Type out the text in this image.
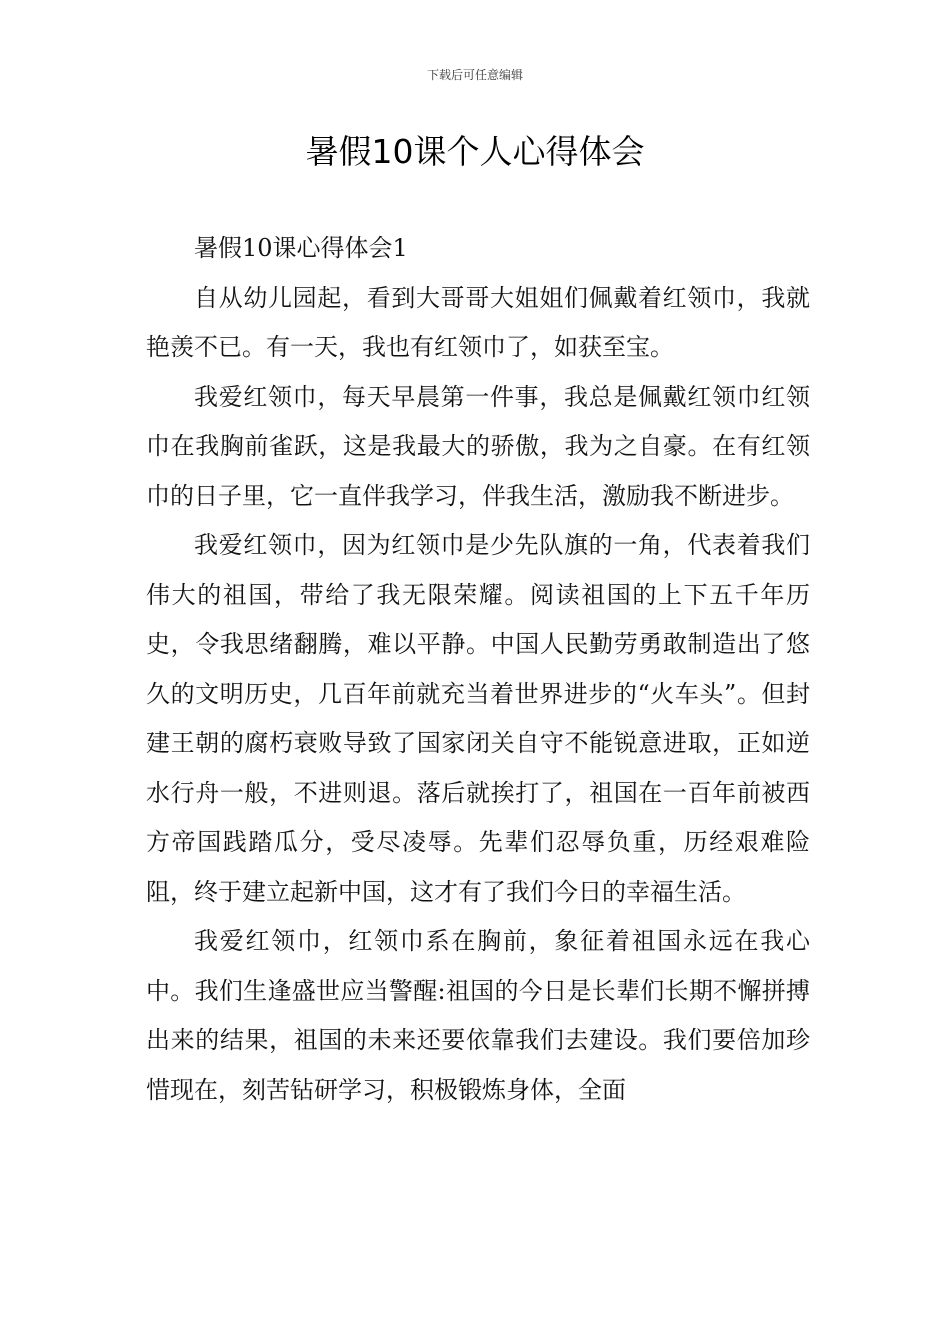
下载后可任意编辑
暑假10课个人心得体会

暑假10课心得体会1

自从幼儿园起，看到大哥哥大姐姐们佩戴着红领巾，我就艳羡不已。有一天，我也有红领巾了，如获至宝。

我爱红领巾，每天早晨第一件事，我总是佩戴红领巾红领巾在我胸前雀跃，这是我最大的骄傲，我为之自豪。在有红领巾的日子里，它一直伴我学习，伴我生活，激励我不断进步。

我爱红领巾，因为红领巾是少先队旗的一角，代表着我们伟大的祖国，带给了我无限荣耀。阅读祖国的上下五千年历史，令我思绪翻腾，难以平静。中国人民勤劳勇敢制造出了悠久的文明历史，几百年前就充当着世界进步的“火车头”。但封建王朝的腐朽衰败导致了国家闭关自守不能锐意进取，正如逆水行舟一般，不进则退。落后就挨打了，祖国在一百年前被西方帝国践踏瓜分，受尽凌辱。先辈们忍辱负重，历经艰难险阻，终于建立起新中国，这才有了我们今日的幸福生活。

我爱红领巾，红领巾系在胸前，象征着祖国永远在我心中。我们生逢盛世应当警醒:祖国的今日是长辈们长期不懈拼搏出来的结果，祖国的未来还要依靠我们去建设。我们要倍加珍惜现在，刻苦钻研学习，积极锻炼身体，全面
